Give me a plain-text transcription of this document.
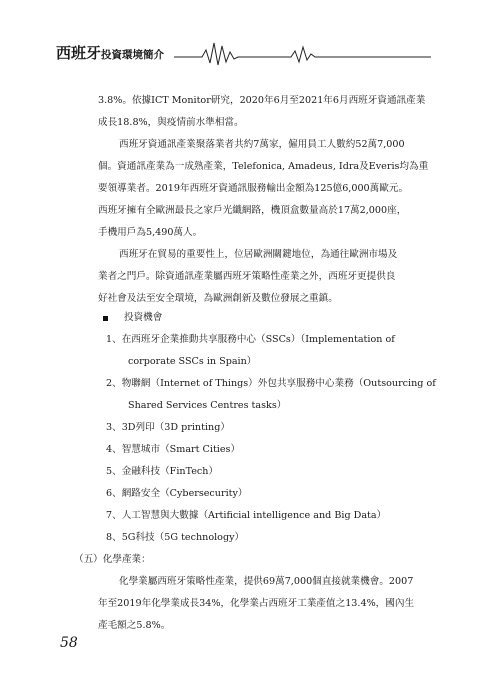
西班牙投資環境簡介
3.8%。依據ICT Monitor研究，2020年6月至2021年6月西班牙資通訊產業
成長18.8%，與疫情前水準相當。
西班牙資通訊產業聚落業者共約7萬家，僱用員工人數約52萬7,000
個。資通訊產業為一成熟產業，Telefonica, Amadeus, Idra及Everis均為重
要領導業者。2019年西班牙資通訊服務輸出金額為125億6,000萬歐元。
西班牙擁有全歐洲最長之家戶光纖網路，機頂盒數量高於17萬2,000座，
手機用戶為5,490萬人。
西班牙在貿易的重要性上，位居歐洲關鍵地位，為通往歐洲市場及
業者之門戶。除資通訊產業屬西班牙策略性產業之外，西班牙更提供良
好社會及法至安全環境，為歐洲創新及數位發展之重鎮。
投資機會
1、在西班牙企業推動共享服務中心（SSCs）（Implementation of
corporate SSCs in Spain）
2、物聯網（Internet of Things）外包共享服務中心業務（Outsourcing of
Shared Services Centres tasks）
3、3D列印（3D printing）
4、智慧城市（Smart Cities）
5、金融科技（FinTech）
6、網路安全（Cybersecurity）
7、人工智慧與大數據（Artificial intelligence and Big Data）
8、5G科技（5G technology）
（五）化學產業：
化學業屬西班牙策略性產業，提供69萬7,000個直接就業機會。2007
年至2019年化學業成長34%，化學業占西班牙工業產值之13.4%，國內生
產毛額之5.8%。
58
